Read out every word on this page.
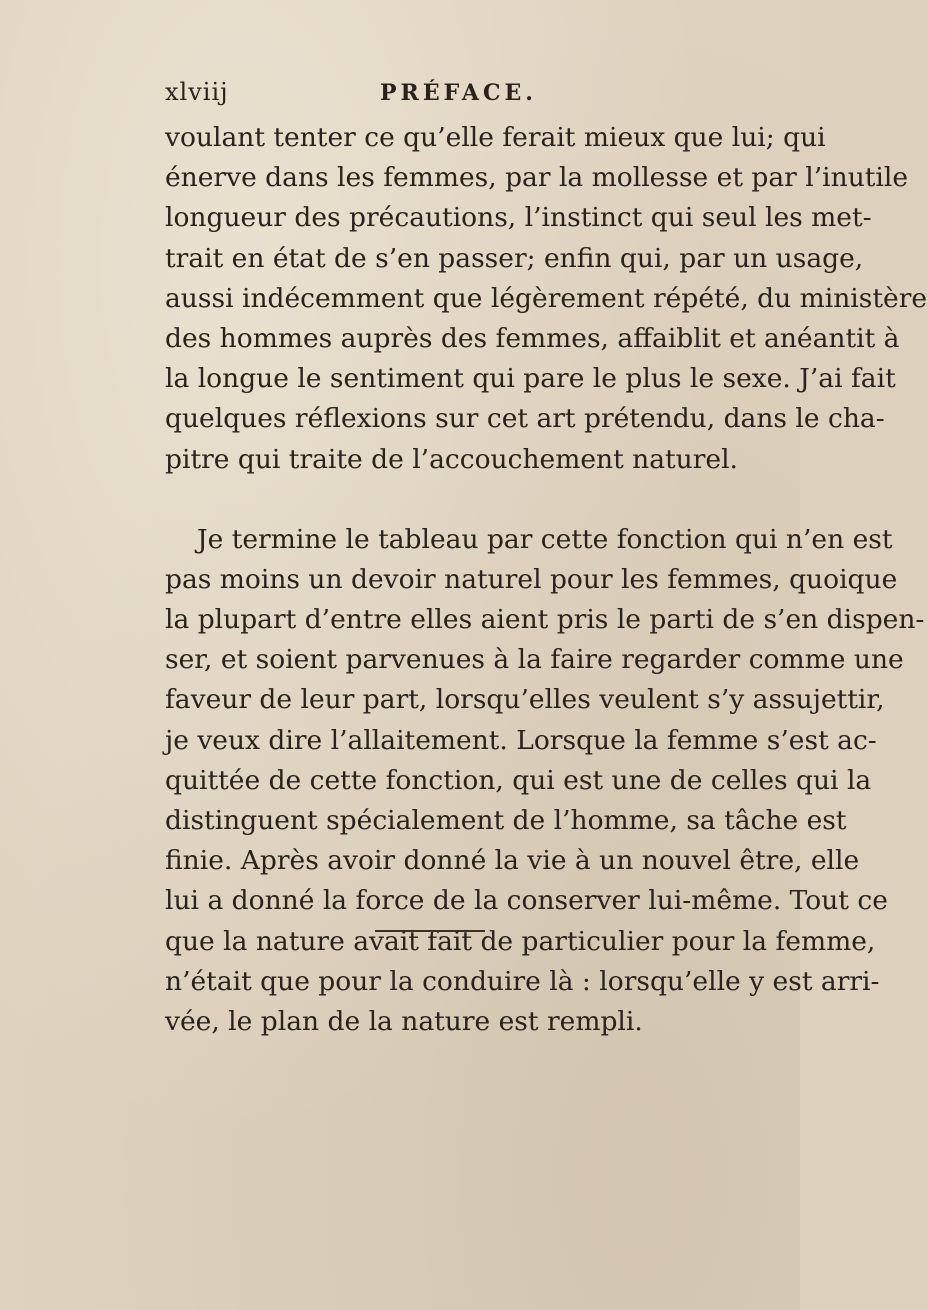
xlviij	PRÉFACE.
voulant tenter ce qu’elle ferait mieux que lui; qui
énerve dans les femmes, par la mollesse et par l’inutile
longueur des précautions, l’instinct qui seul les met-
trait en état de s’en passer; enfin qui, par un usage,
aussi indécemment que légèrement répété, du ministère
des hommes auprès des femmes, affaiblit et anéantit à
la longue le sentiment qui pare le plus le sexe. J’ai fait
quelques réflexions sur cet art prétendu, dans le cha-
pitre qui traite de l’accouchement naturel.
Je termine le tableau par cette fonction qui n’en est
pas moins un devoir naturel pour les femmes, quoique
la plupart d’entre elles aient pris le parti de s’en dispen-
ser, et soient parvenues à la faire regarder comme une
faveur de leur part, lorsqu’elles veulent s’y assujettir,
je veux dire l’allaitement. Lorsque la femme s’est ac-
quittée de cette fonction, qui est une de celles qui la
distinguent spécialement de l’homme, sa tâche est
finie. Après avoir donné la vie à un nouvel être, elle
lui a donné la force de la conserver lui-même. Tout ce
que la nature avait fait de particulier pour la femme,
n’était que pour la conduire là : lorsqu’elle y est arri-
vée, le plan de la nature est rempli.
